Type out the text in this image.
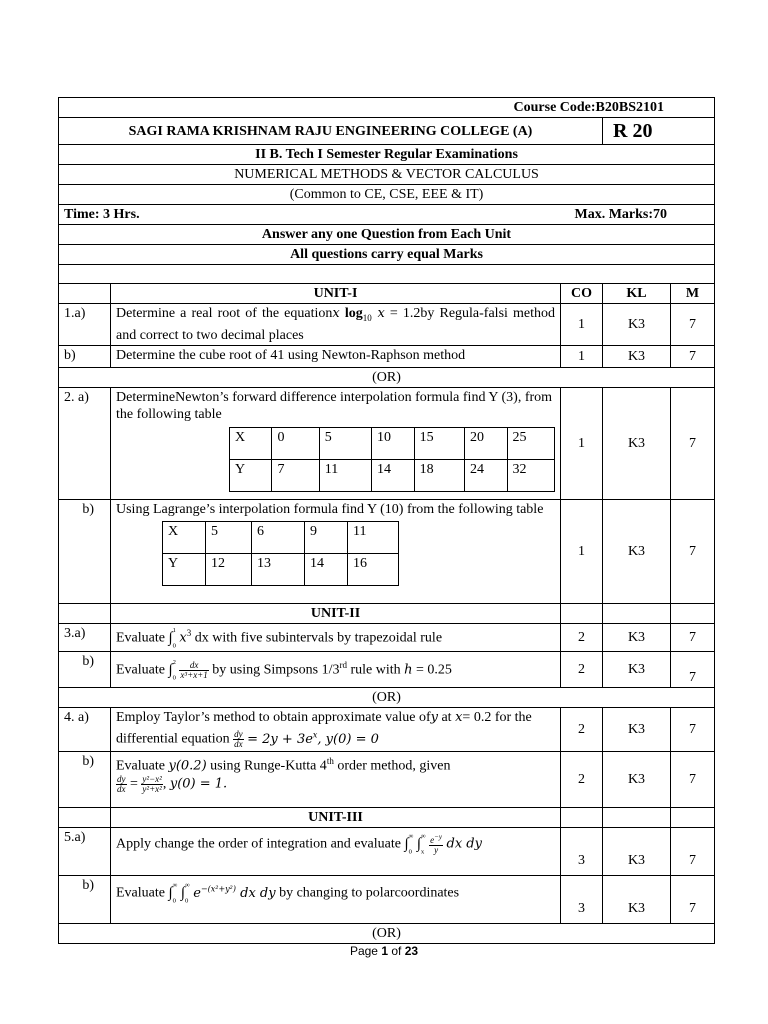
Course Code:B20BS2101
SAGI RAMA KRISHNAM RAJU ENGINEERING COLLEGE (A)	R 20
II B. Tech I Semester Regular Examinations
NUMERICAL METHODS & VECTOR CALCULUS
(Common to CE, CSE, EEE & IT)
Time: 3 Hrs.	Max. Marks:70

Answer any one Question from Each Unit
All questions carry equal Marks

	UNIT-I	CO	KL	M
1.a)	Determine a real root of the equationx $\log_{10} x = 1.2by$ Regula-falsi method and correct to two decimal places	1	K3	7
b)	Determine the cube root of 41 using Newton-Raphson method	1	K3	7
(OR)
2. a)	DetermineNewton’s forward difference interpolation formula find Y (3), from the following table
X	0	5	10	15	20	25
Y	7	11	14	18	24	32
	1	K3	7
b)	Using Lagrange’s interpolation formula find Y (10) from the following table
X	5	6	9	11
Y	12	13	14	16
	1	K3	7
	UNIT-II			
3.a)	Evaluate ∫$^1$
$_0$ $x^3$ dx with five subintervals by trapezoidal rule	2	K3	7
b)	Evaluate ∫$^2$
$_0 \frac{dx}{\text{x³+x+1}}$ by using Simpsons 1/3rd rule with h = 0.25	2	K3	7
(OR)
4. a)	Employ Taylor’s method to obtain approximate value ofy at x= 0.2 for the differential equation $\frac{dy}{dx} = 2y + 3e^x$, y(0) = 0	2	K3	7
b)	Evaluate y(0.2) using Runge-Kutta 4th order method, given

$\frac{dy}{dx} = \frac{\text{y²−x²}}{\text{y²+x²}}$ , y(0) = 1.	2	K3	7
	UNIT-III			
5.a)	Apply change the order of integration and evaluate ∫∞
$_0$ ∫∞
$_x \frac{e^{-y}}{y}$ dx dy	3	K3	7
b)	Evaluate ∫∞
$_0$ ∫∞
$_0$ $e^{-(x^2+y^2)}$ dx dy by changing to polarcoordinates	3	K3	7
(OR)
Page 1 of 23
